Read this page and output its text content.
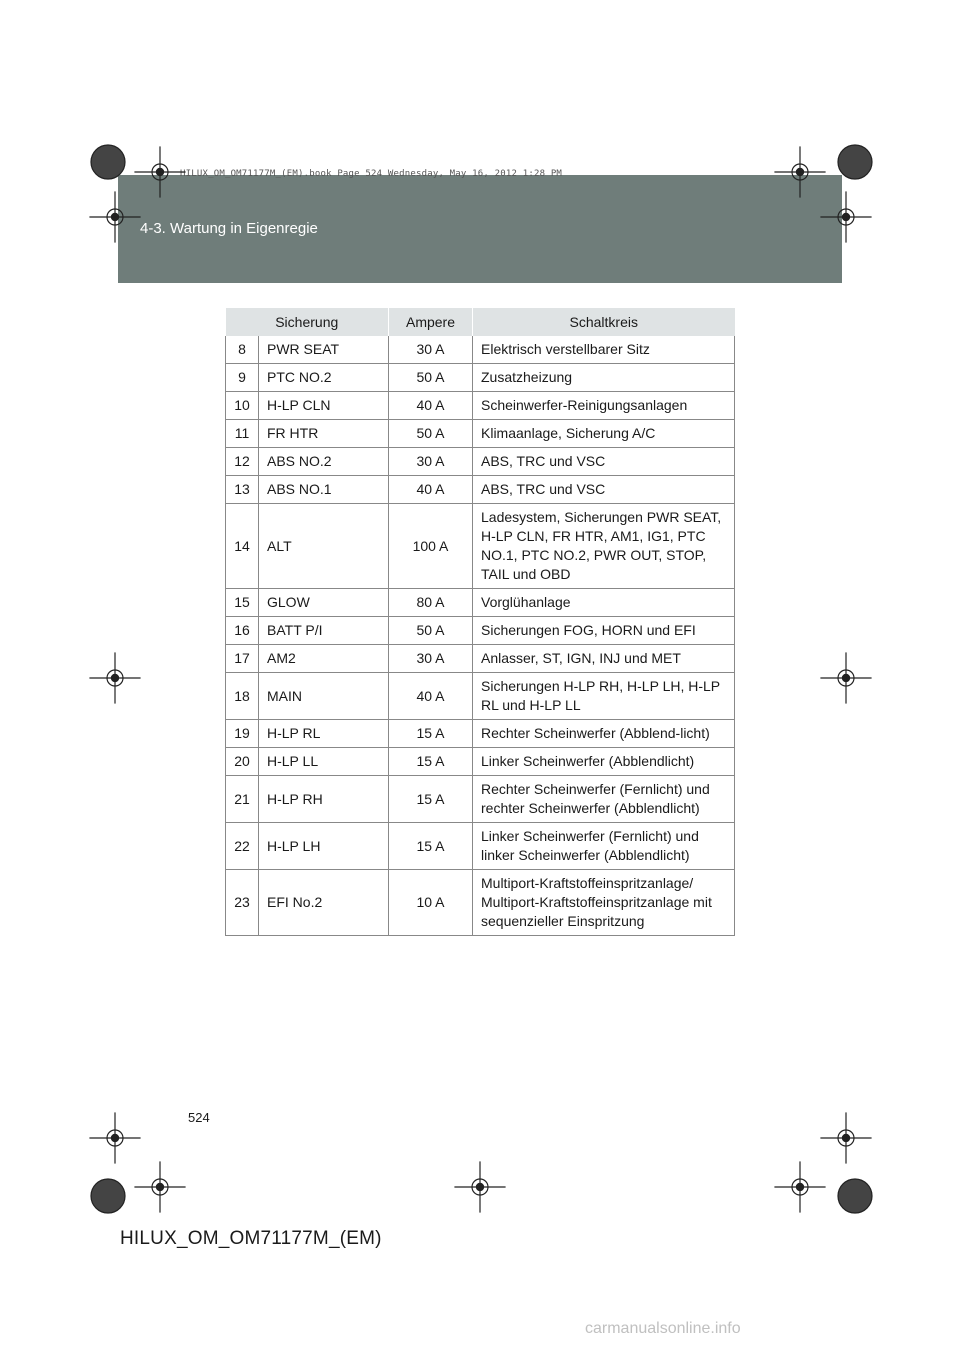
HILUX_OM_OM71177M_(EM).book Page 524 Wednesday, May 16, 2012 1:28 PM
4-3. Wartung in Eigenregie
Sicherung		Ampere	Schaltkreis
8	PWR SEAT	30 A	Elektrisch verstellbarer Sitz
9	PTC NO.2	50 A	Zusatzheizung
10	H-LP CLN	40 A	Scheinwerfer-Reinigungsanlagen
11	FR HTR	50 A	Klimaanlage, Sicherung A/C
12	ABS NO.2	30 A	ABS, TRC und VSC
13	ABS NO.1	40 A	ABS, TRC und VSC
14	ALT	100 A	Ladesystem, Sicherungen PWR SEAT, H-LP CLN, FR HTR, AM1, IG1, PTC NO.1, PTC NO.2, PWR OUT, STOP, TAIL und OBD
15	GLOW	80 A	Vorglühanlage
16	BATT P/I	50 A	Sicherungen FOG, HORN und EFI
17	AM2	30 A	Anlasser, ST, IGN, INJ und MET
18	MAIN	40 A	Sicherungen H-LP RH, H-LP LH, H-LP RL und H-LP LL
19	H-LP RL	15 A	Rechter Scheinwerfer (Abblend-licht)
20	H-LP LL	15 A	Linker Scheinwerfer (Abblendlicht)
21	H-LP RH	15 A	Rechter Scheinwerfer (Fernlicht) und rechter Scheinwerfer (Abblendlicht)
22	H-LP LH	15 A	Linker Scheinwerfer (Fernlicht) und linker Scheinwerfer (Abblendlicht)
23	EFI No.2	10 A	Multiport-Kraftstoffeinspritzanlage/ Multiport-Kraftstoffeinspritzanlage mit sequenzieller Einspritzung
524
HILUX_OM_OM71177M_(EM)
carmanualsonline.info
